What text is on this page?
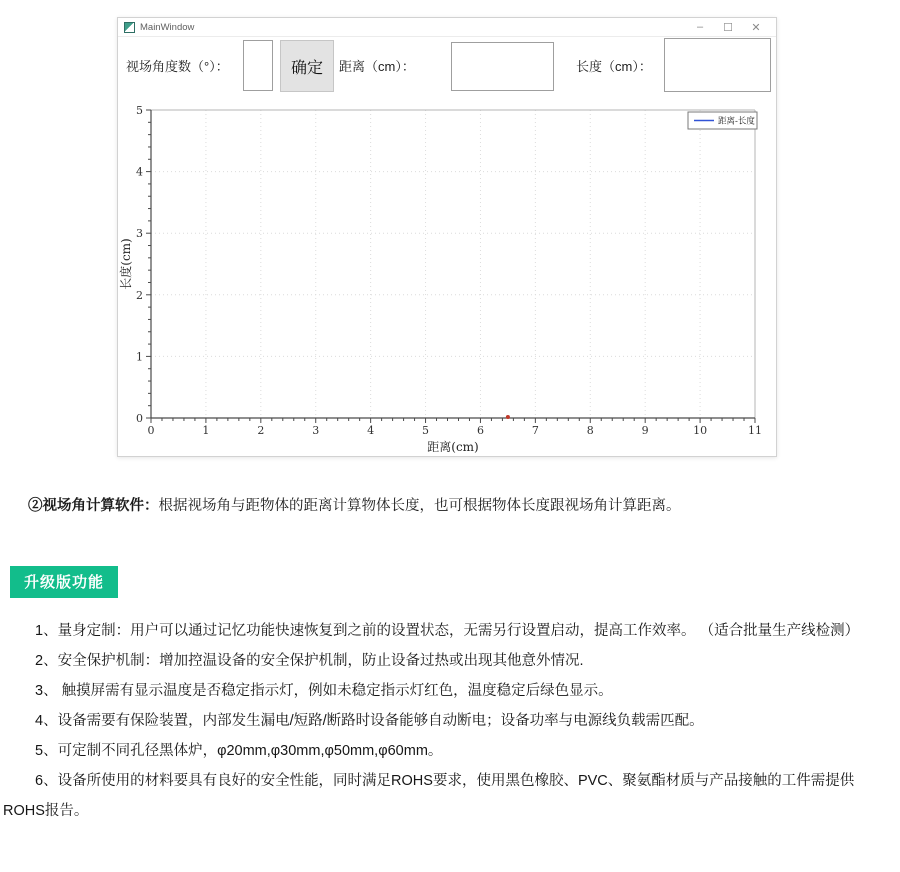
MainWindow	–	☐	✕
视场角度数（°）：	确定	距离（cm）：	长度（cm）：
0	1	2	3	4	5	6	7	8	9	10	11
0
1
2
3
4
5
距离(cm)
长度(cm)
距离-长度

②视场角计算软件：根据视场角与距物体的距离计算物体长度，也可根据物体长度跟视场角计算距离。

升级版功能

1、量身定制：用户可以通过记忆功能快速恢复到之前的设置状态，无需另行设置启动，提高工作效率。 （适合批量生产线检测）

2、安全保护机制：增加控温设备的安全保护机制，防止设备过热或出现其他意外情况.

3、 触摸屏需有显示温度是否稳定指示灯，例如未稳定指示灯红色，温度稳定后绿色显示。

4、设备需要有保险装置，内部发生漏电/短路/断路时设备能够自动断电；设备功率与电源线负载需匹配。

5、可定制不同孔径黑体炉，φ20mm,φ30mm,φ50mm,φ60mm。

6、设备所使用的材料要具有良好的安全性能，同时满足ROHS要求，使用黑色橡胶、PVC、聚氨酯材质与产品接触的工件需提供

ROHS报告。
